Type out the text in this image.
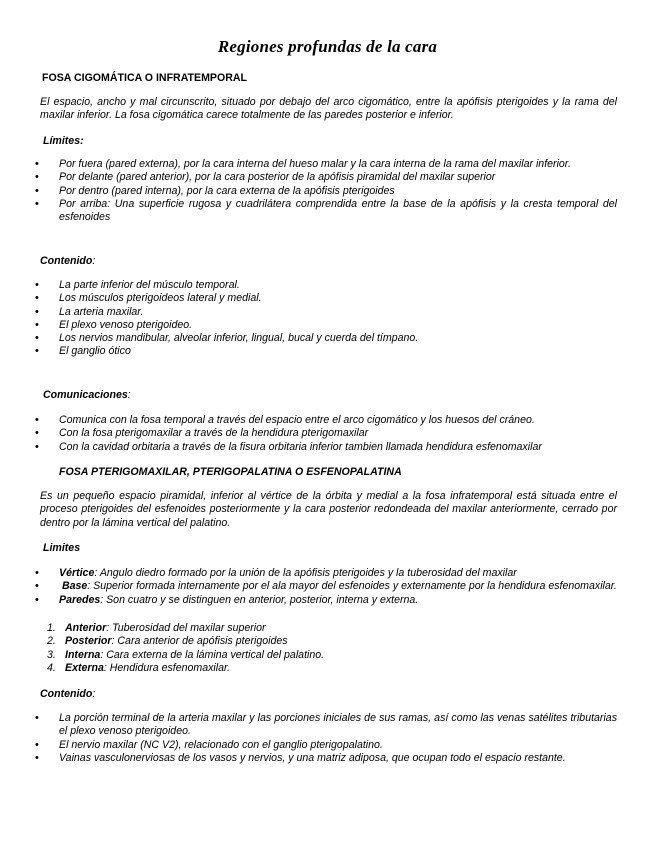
Regiones profundas de la cara
FOSA CIGOMÁTICA O INFRATEMPORAL
El espacio, ancho y mal circunscrito, situado por debajo del arco cigomático, entre la apófisis pterigoides y la rama del maxilar inferior. La fosa cigomática carece totalmente de las paredes posterior e inferior.
Límites:
• Por fuera (pared externa), por la cara interna del hueso malar y la cara interna de la rama del maxilar inferior.
• Por delante (pared anterior), por la cara posterior de la apófisis piramidal del maxilar superior
• Por dentro (pared interna), por la cara externa de la apófisis pterigoides
• Por arriba: Una superficie rugosa y cuadrilátera comprendida entre la base de la apófisis y la cresta temporal del esfenoides
Contenido:
• La parte inferior del músculo temporal.
• Los músculos pterigoideos lateral y medial.
• La arteria maxilar.
• El plexo venoso pterigoideo.
• Los nervios mandibular, alveolar inferior, lingual, bucal y cuerda del tímpano.
• El ganglio ótico
Comunicaciones:
• Comunica con la fosa temporal a través del espacio entre el arco cigomático y los huesos del cráneo.
• Con la fosa pterigomaxilar a través de la hendidura pterigomaxilar
• Con la cavidad orbitaria a través de la fisura orbitaria inferior tambien llamada hendidura esfenomaxilar
FOSA PTERIGOMAXILAR, PTERIGOPALATINA O ESFENOPALATINA
Es un pequeño espacio piramidal, inferior al vértice de la órbita y medial a la fosa infratemporal está situada entre el proceso pterigoides del esfenoides posteriormente y la cara posterior redondeada del maxilar anteriormente, cerrado por dentro por la lámina vertical del palatino.
Limites
• Vértice: Angulo diedro formado por la unión de la apófisis pterigoides y la tuberosidad del maxilar
• Base: Superior formada internamente por el ala mayor del esfenoides y externamente por la hendidura esfenomaxilar.
• Paredes: Son cuatro y se distinguen en anterior, posterior, interna y externa.
1. Anterior: Tuberosidad del maxilar superior
2. Posterior: Cara anterior de apófisis pterigoides
3. Interna: Cara externa de la lámina vertical del palatino.
4. Externa: Hendidura esfenomaxilar.
Contenido:
• La porción terminal de la arteria maxilar y las porciones iniciales de sus ramas, así como las venas satélites tributarias el plexo venoso pterigoideo.
• El nervio maxilar (NC V2), relacionado con el ganglio pterigopalatino.
• Vainas vasculonerviosas de los vasos y nervios, y una matriz adiposa, que ocupan todo el espacio restante.
